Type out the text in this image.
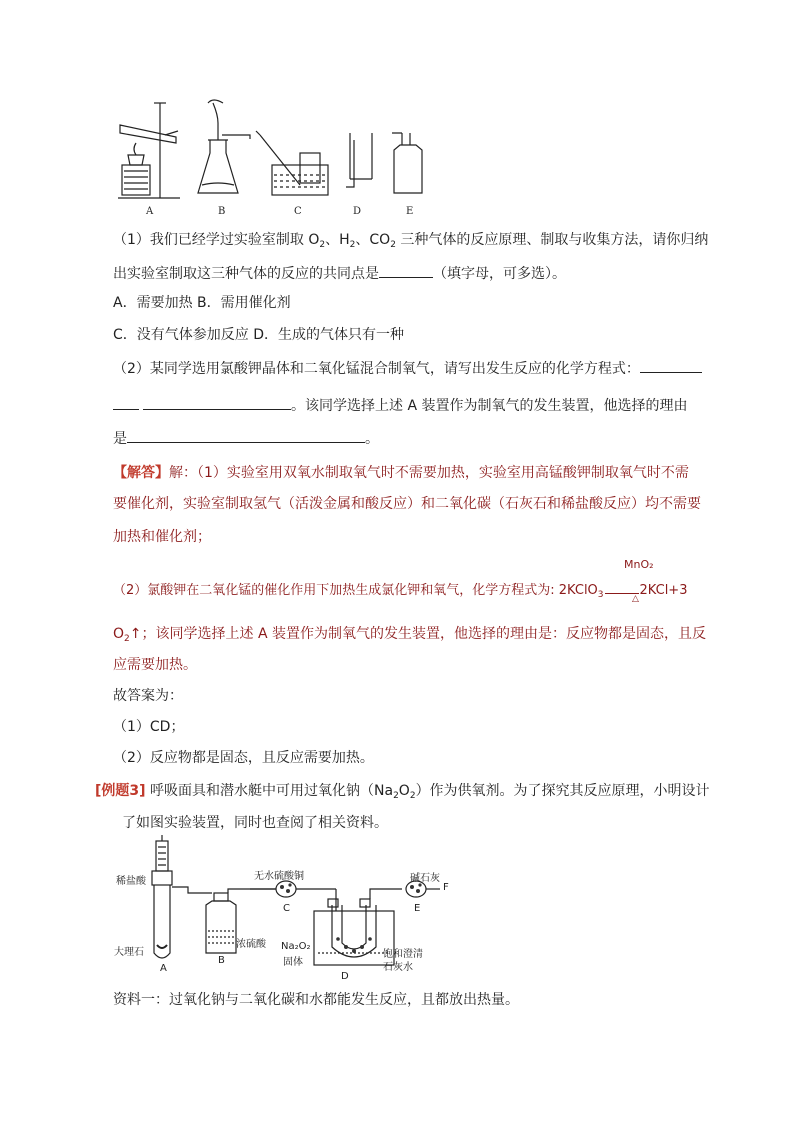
A	B	C	D	E
（1）我们已经学过实验室制取 $O_2$、$H_2$、$CO_2$ 三种气体的反应原理、制取与收集方法，请你归纳
出实验室制取这三种气体的反应的共同点是	（填字母，可多选）。
A．需要加热 B．需用催化剂
C．没有气体参加反应 D．生成的气体只有一种
（2）某同学选用氯酸钾晶体和二氧化锰混合制氧气，请写出发生反应的化学方程式：
。该同学选择上述 A 装置作为制氧气的发生装置，他选择的理由
是	。
【解答】解：（1）实验室用双氧水制取氧气时不需要加热，实验室用高锰酸钾制取氧气时不需
要催化剂，实验室制取氢气（活泼金属和酸反应）和二氧化碳（石灰石和稀盐酸反应）均不需要
加热和催化剂；
MnO₂
（2）氯酸钾在二氧化锰的催化作用下加热生成氯化钾和氧气，化学方程式为: 2KClO$_3$	2KCl+3
△
$O_2↑$；该同学选择上述 A 装置作为制氧气的发生装置，他选择的理由是：反应物都是固态，且反
应需要加热。
故答案为：
（1）CD；
（2）反应物都是固态，且反应需要加热。
[例题3] 呼吸面具和潜水艇中可用过氧化钠$(Na_2O_2)$作为供氧剂。为了探究其反应原理，小明设计
了如图实验装置，同时也查阅了相关资料。
稀盐酸
大理石
A
B
浓硫酸
无水硫酸铜
C
Na₂O₂
固体
D
饱和澄清
石灰水
碱石灰
E
F
资料一：过氧化钠与二氧化碳和水都能发生反应，且都放出热量。
